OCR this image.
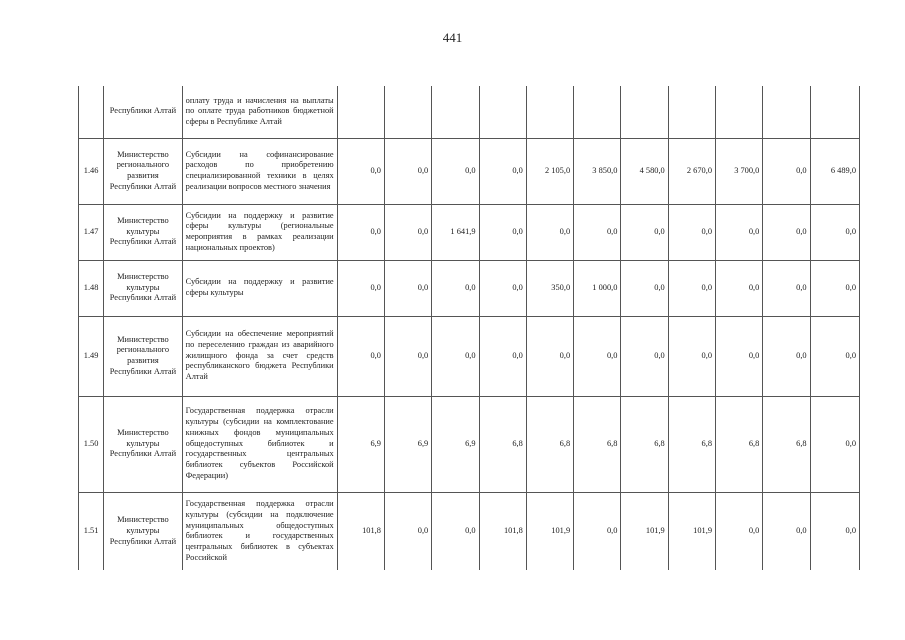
441
	Республики Алтай	оплату труда и начисления на выплаты по оплате труда работников бюджетной сферы в Республике Алтай											
1.46	Министерство регионального развития Республики Алтай	Субсидии на софинансирование расходов по приобретению специализированной техники в целях реализации вопросов местного значения	0,0	0,0	0,0	0,0	2 105,0	3 850,0	4 580,0	2 670,0	3 700,0	0,0	6 489,0
1.47	Министерство культуры Республики Алтай	Субсидии на поддержку и развитие сферы культуры (региональные мероприятия в рамках реализации национальных проектов)	0,0	0,0	1 641,9	0,0	0,0	0,0	0,0	0,0	0,0	0,0	0,0
1.48	Министерство культуры Республики Алтай	Субсидии на поддержку и развитие сферы культуры	0,0	0,0	0,0	0,0	350,0	1 000,0	0,0	0,0	0,0	0,0	0,0
1.49	Министерство регионального развития Республики Алтай	Субсидии на обеспечение мероприятий по переселению граждан из аварийного жилищного фонда за счет средств республиканского бюджета Республики Алтай	0,0	0,0	0,0	0,0	0,0	0,0	0,0	0,0	0,0	0,0	0,0
1.50	Министерство культуры Республики Алтай	Государственная поддержка отрасли культуры (субсидии на комплектование книжных фондов муниципальных общедоступных библиотек и государственных центральных библиотек субъектов Российской Федерации)	6,9	6,9	6,9	6,8	6,8	6,8	6,8	6,8	6,8	6,8	0,0
1.51	Министерство культуры Республики Алтай	Государственная поддержка отрасли культуры (субсидии на подключение муниципальных общедоступных библиотек и государственных центральных библиотек в субъектах Российской	101,8	0,0	0,0	101,8	101,9	0,0	101,9	101,9	0,0	0,0	0,0
